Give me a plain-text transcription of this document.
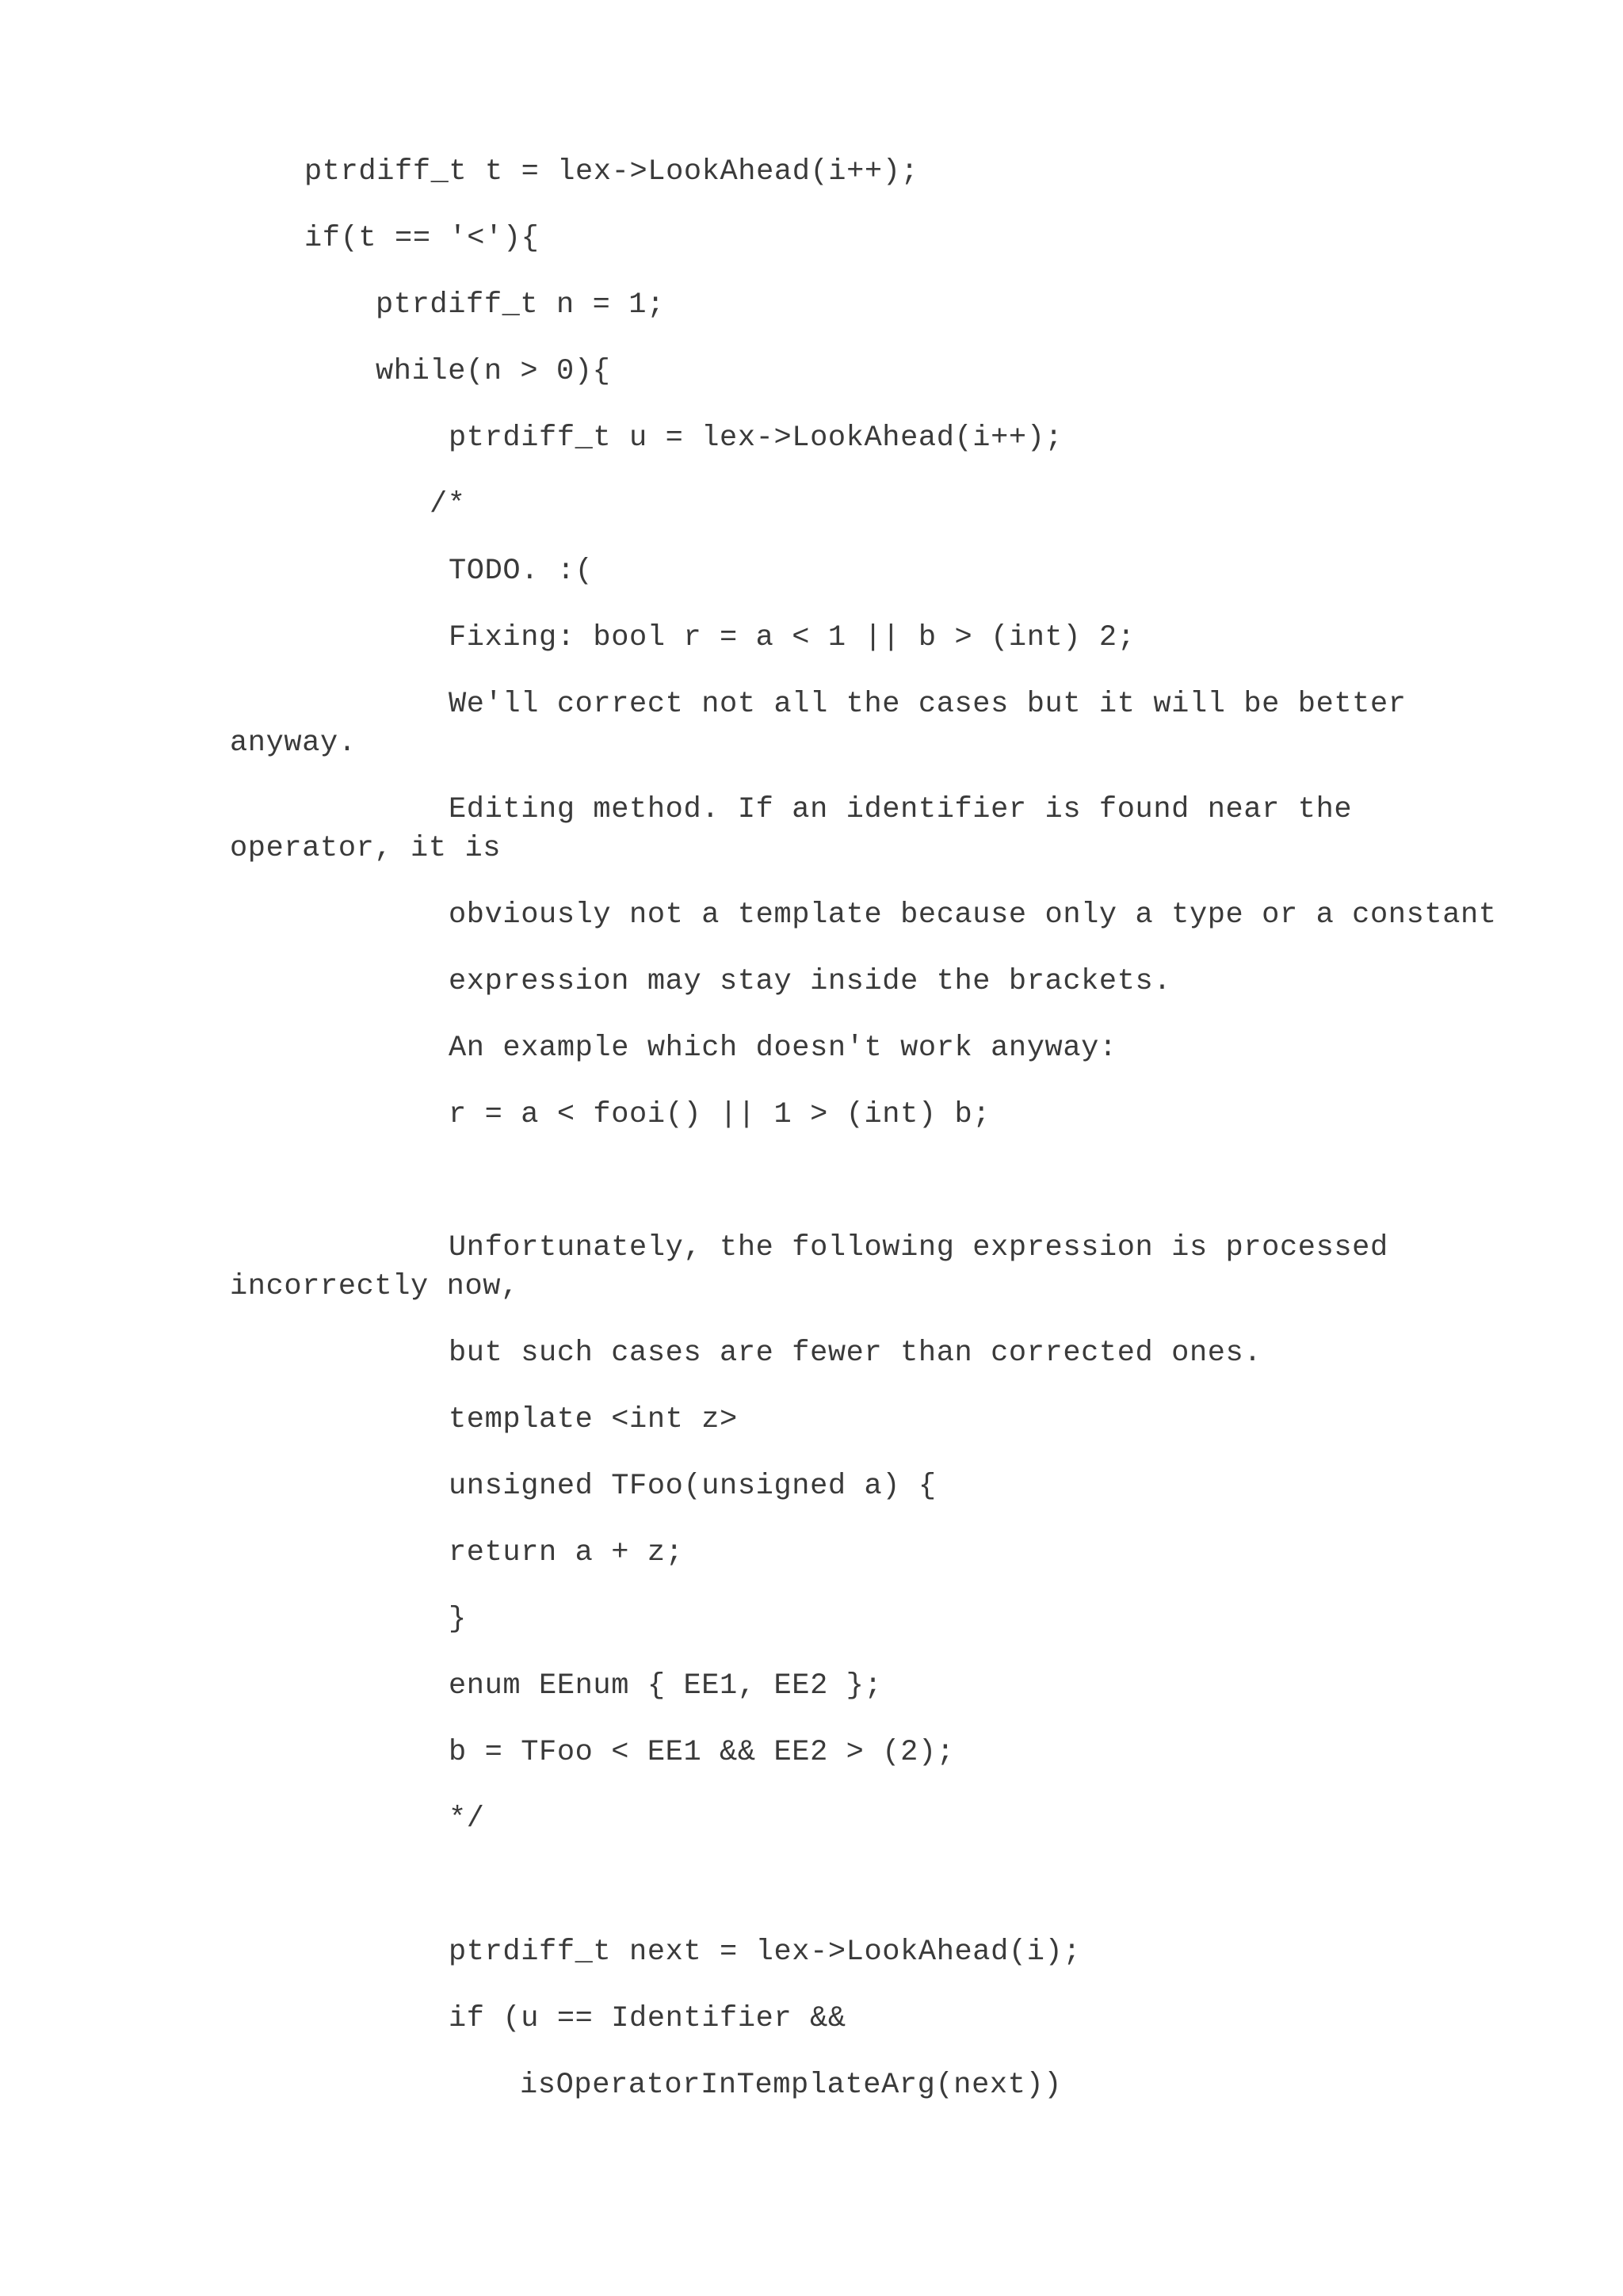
ptrdiff_t t = lex->LookAhead(i++);

if(t == '<'){

ptrdiff_t n = 1;

while(n > 0){

ptrdiff_t u = lex->LookAhead(i++);

/*

TODO. :(

Fixing: bool r = a < 1 || b > (int) 2;

We'll correct not all the cases but it will be better

anyway.

Editing method. If an identifier is found near the

operator, it is

obviously not a template because only a type or a constant

expression may stay inside the brackets.

An example which doesn't work anyway:

r = a < fooi() || 1 > (int) b;

Unfortunately, the following expression is processed

incorrectly now,

but such cases are fewer than corrected ones.

template <int z>

unsigned TFoo(unsigned a) {

return a + z;

}

enum EEnum { EE1, EE2 };

b = TFoo < EE1 && EE2 > (2);

*/

ptrdiff_t next = lex->LookAhead(i);

if (u == Identifier &&

isOperatorInTemplateArg(next))
